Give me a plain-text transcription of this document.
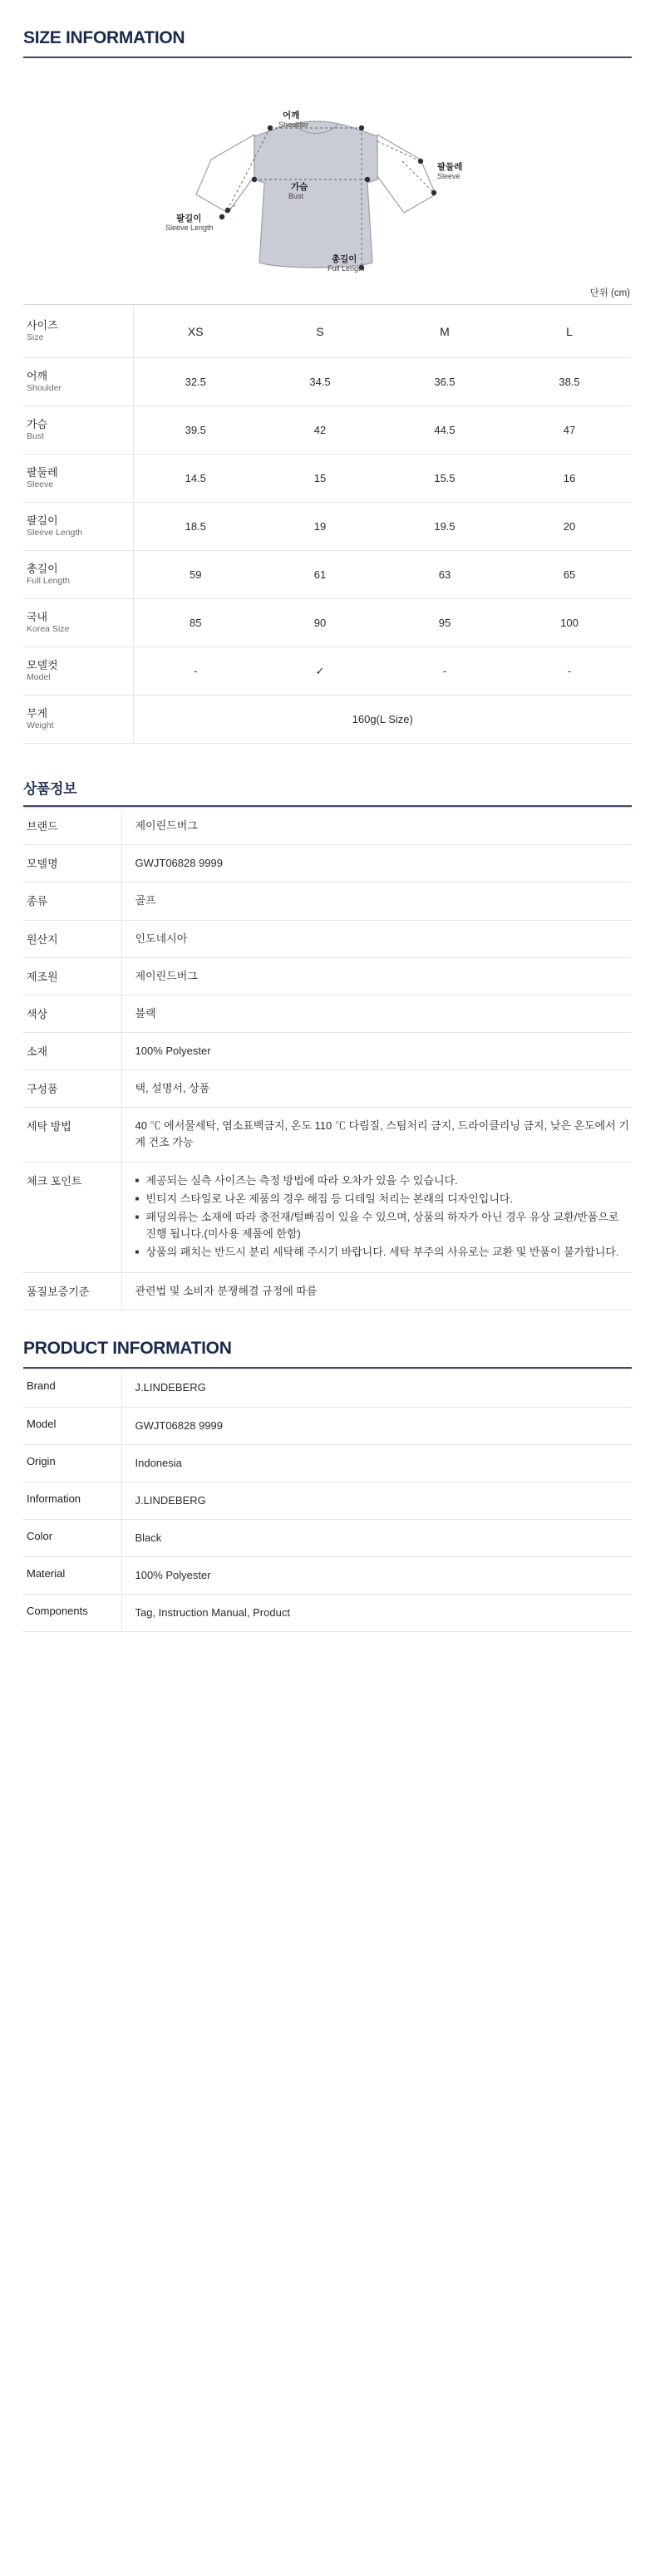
SIZE INFORMATION
어깨
Shoulder
팔둘레
Sleeve
가슴
Bust
팔길이
Sleeve Length
총길이
Full Length
단위 (cm)
사이즈
Size	XS	S	M	L

어깨
Shoulder	32.5	34.5	36.5	38.5

가슴
Bust	39.5	42	44.5	47

팔둘레
Sleeve	14.5	15	15.5	16

팔길이
Sleeve Length	18.5	19	19.5	20

총길이
Full Length	59	61	63	65

국내
Korea Size	85	90	95	100

모델컷
Model	-	✓	-	-

무게
Weight	160g(L Size)			
상품정보
브랜드	제이린드버그
모델명	GWJT06828 9999
종류	골프
원산지	인도네시아
제조원	제이린드버그
색상	블랙
소재	100% Polyester
구성품	택, 설명서, 상품
세탁 방법	40 ℃ 에서물세탁, 염소표백금지, 온도 110 ℃ 다림질, 스팀처리 금지, 드라이클리닝 금지, 낮은 온도에서 기계 건조 가능
체크 포인트	
■제공되는 실측 사이즈는 측정 방법에 따라 오차가 있을 수 있습니다.
■ 빈티지 스타일로 나온 제품의 경우 해짐 등 디테일 처리는 본래의 디자인입니다.
■ 패딩의류는 소재에 따라 충전재/털빠짐이 있을 수 있으며, 상품의 하자가 아닌 경우 유상 교환/반품으로 진행 됩니다.(미사용 제품에 한함)
■ 상품의 패치는 반드시 분리 세탁해 주시기 바랍니다. 세탁 부주의 사유로는 교환 및 반품이 불가합니다.

품질보증기준	관련법 및 소비자 분쟁해결 규정에 따름
PRODUCT INFORMATION
Brand	J.LINDEBERG
Model	GWJT06828 9999
Origin	Indonesia
Information	J.LINDEBERG
Color	Black
Material	100% Polyester
Components	Tag, Instruction Manual, Product
